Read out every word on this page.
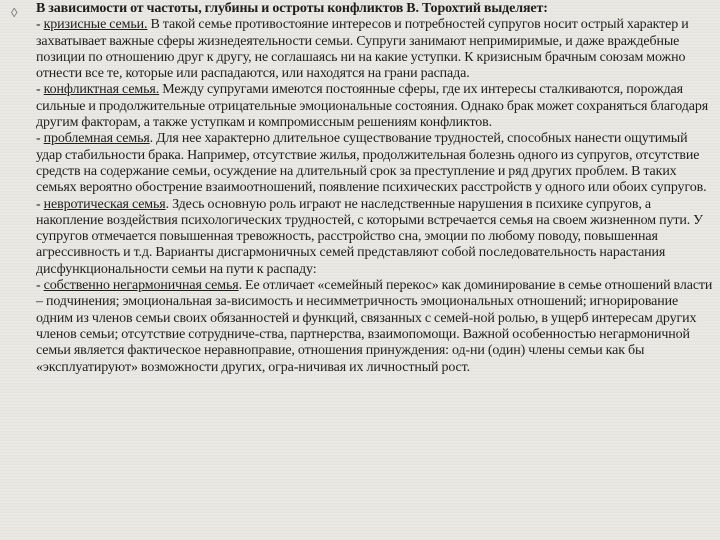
◊ В зависимости от частоты, глубины и остроты конфликтов В. Торохтий выделяет:
- кризисные семьи. В такой семье противостояние интересов и потребностей супругов носит острый характер и захватывает важные сферы жизнедеятельности семьи. Супруги занимают непримиримые, и даже враждебные позиции по отношению друг к другу, не соглашаясь ни на какие уступки. К кризисным брачным союзам можно отнести все те, которые или распадаются, или находятся на грани распада.
- конфликтная семья. Между супругами имеются постоянные сферы, где их интересы сталкиваются, порождая сильные и продолжительные отрицательные эмоциональные состояния. Однако брак может сохраняться благодаря другим факторам, а также уступкам и компромиссным решениям конфликтов.
- проблемная семья. Для нее характерно длительное существование трудностей, способных нанести ощутимый удар стабильности брака. Например, отсутствие жилья, продолжительная болезнь одного из супругов, отсутствие средств на содержание семьи, осуждение на длительный срок за преступление и ряд других проблем. В таких семьях вероятно обострение взаимоотношений, появление психических расстройств у одного или обоих супругов.
- невротическая семья. Здесь основную роль играют не наследственные нарушения в психике супругов, а накопление воздействия психологических трудностей, с которыми встречается семья на своем жизненном пути. У супругов отмечается повышенная тревожность, расстройство сна, эмоции по любому поводу, повышенная агрессивность и т.д. Варианты дисгармоничных семей представляют собой последовательность нарастания дисфункциональности семьи на пути к распаду:
- собственно негармоничная семья. Ее отличает «семейный перекос» как доминирование в семье отношений власти – подчинения; эмоциональная за-висимость и несимметричность эмоциональных отношений; игнорирование одним из членов семьи своих обязанностей и функций, связанных с семей-ной ролью, в ущерб интересам других членов семьи; отсутствие сотрудниче-ства, партнерства, взаимопомощи. Важной особенностью негармоничной семьи является фактическое неравноправие, отношения принуждения: од-ни (один) члены семьи как бы «эксплуатируют» возможности других, огра-ничивая их личностный рост.
